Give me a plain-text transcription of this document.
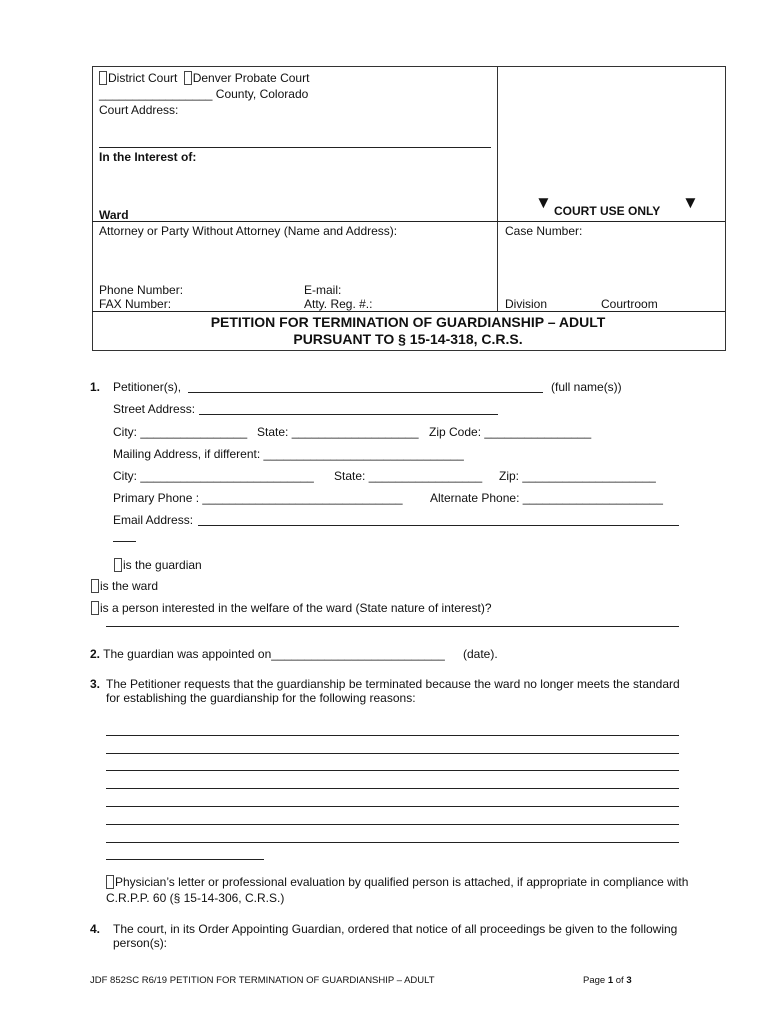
District Court Denver Probate Court
_________________ County, Colorado
Court Address:
In the Interest of:
Ward
▼ COURT USE ONLY ▼
Attorney or Party Without Attorney (Name and Address):
Phone Number:	E-mail:
FAX Number:	Atty. Reg. #.:
Case Number:
Division	Courtroom
PETITION FOR TERMINATION OF GUARDIANSHIP – ADULT
PURSUANT TO § 15-14-318, C.R.S.
1. Petitioner(s),	(full name(s))
Street Address:
City: ________________ State: ___________________ Zip Code: ________________
Mailing Address, if different: ______________________________
City: __________________________ State: _________________ Zip: ____________________
Primary Phone : ______________________________ Alternate Phone: _____________________
Email Address:
is the guardian
is the ward
is a person interested in the welfare of the ward (State nature of interest)?
2. The guardian was appointed on__________________________ (date).
3. The Petitioner requests that the guardianship be terminated because the ward no longer meets the standard
for establishing the guardianship for the following reasons:
Physician’s letter or professional evaluation by qualified person is attached, if appropriate in compliance with
C.R.P.P. 60 (§ 15-14-306, C.R.S.)
4. The court, in its Order Appointing Guardian, ordered that notice of all proceedings be given to the following
person(s):
JDF 852SC R6/19 PETITION FOR TERMINATION OF GUARDIANSHIP – ADULT	Page 1 of 3
